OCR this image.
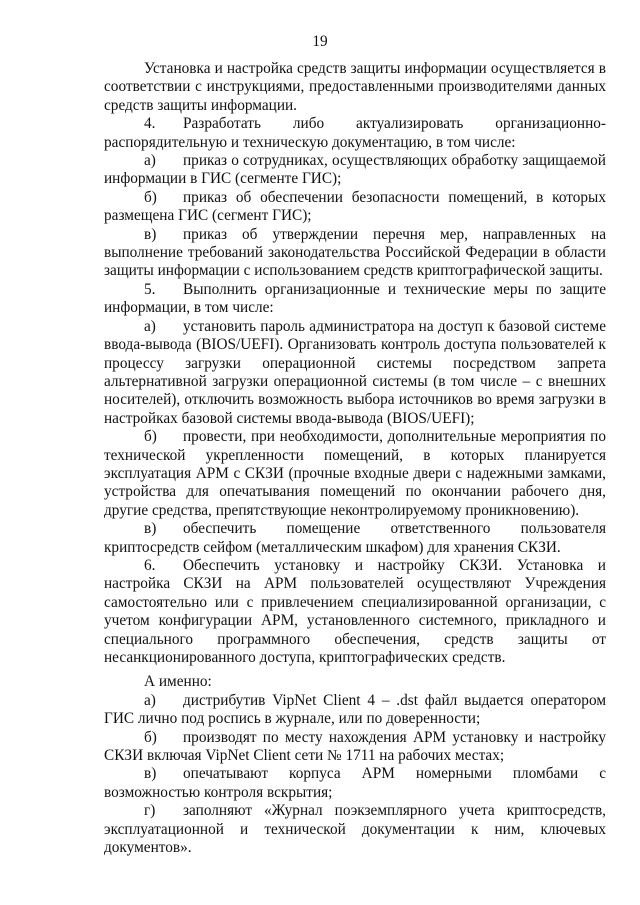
19

Установка и настройка средств защиты информации осуществляется в соответствии с инструкциями, предоставленными производителями данных средств защиты информации.

4. Разработать либо актуализировать организационно-распорядительную и техническую документацию, в том числе:

а) приказ о сотрудниках, осуществляющих обработку защищаемой информации в ГИС (сегменте ГИС);

б) приказ об обеспечении безопасности помещений, в которых размещена ГИС (сегмент ГИС);

в) приказ об утверждении перечня мер, направленных на выполнение требований законодательства Российской Федерации в области защиты информации с использованием средств криптографической защиты.

5. Выполнить организационные и технические меры по защите информации, в том числе:

а) установить пароль администратора на доступ к базовой системе ввода-вывода (BIOS/UEFI). Организовать контроль доступа пользователей к процессу загрузки операционной системы посредством запрета альтернативной загрузки операционной системы (в том числе – с внешних носителей), отключить возможность выбора источников во время загрузки в настройках базовой системы ввода-вывода (BIOS/UEFI);

б) провести, при необходимости, дополнительные мероприятия по технической укрепленности помещений, в которых планируется эксплуатация АРМ с СКЗИ (прочные входные двери с надежными замками, устройства для опечатывания помещений по окончании рабочего дня, другие средства, препятствующие неконтролируемому проникновению).

в) обеспечить помещение ответственного пользователя криптосредств сейфом (металлическим шкафом) для хранения СКЗИ.

6. Обеспечить установку и настройку СКЗИ. Установка и настройка СКЗИ на АРМ пользователей осуществляют Учреждения самостоятельно или с привлечением специализированной организации, с учетом конфигурации АРМ, установленного системного, прикладного и специального программного обеспечения, средств защиты от несанкционированного доступа, криптографических средств.

А именно:

а) дистрибутив VipNet Client 4 – .dst файл выдается оператором ГИС лично под роспись в журнале, или по доверенности;

б) производят по месту нахождения АРМ установку и настройку СКЗИ включая VipNet Client сети № 1711 на рабочих местах;

в) опечатывают корпуса АРМ номерными пломбами с возможностью контроля вскрытия;

г) заполняют «Журнал поэкземплярного учета криптосредств, эксплуатационной и технической документации к ним, ключевых документов».
